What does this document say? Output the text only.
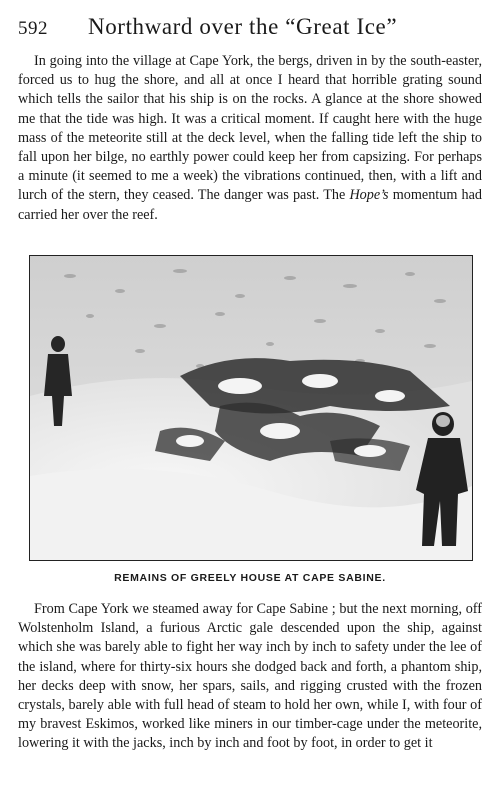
592 Northward over the “Great Ice”

In going into the village at Cape York, the bergs, driven in by the south-easter, forced us to hug the shore, and all at once I heard that horrible grating sound which tells the sailor that his ship is on the rocks. A glance at the shore showed me that the tide was high. It was a critical moment. If caught here with the huge mass of the meteorite still at the deck level, when the falling tide left the ship to fall upon her bilge, no earthly power could keep her from capsizing. For perhaps a minute (it seemed to me a week) the vibrations continued, then, with a lift and lurch of the stern, they ceased. The danger was past. The Hope’s momentum had carried her over the reef.

REMAINS OF GREELY HOUSE AT CAPE SABINE.

From Cape York we steamed away for Cape Sabine ; but the next morning, off Wolstenholm Island, a furious Arctic gale descended upon the ship, against which she was barely able to fight her way inch by inch to safety under the lee of the island, where for thirty-six hours she dodged back and forth, a phantom ship, her decks deep with snow, her spars, sails, and rigging crusted with the frozen crystals, barely able with full head of steam to hold her own, while I, with four of my bravest Eskimos, worked like miners in our timber-cage under the meteorite, lowering it with the jacks, inch by inch and foot by foot, in order to get it
